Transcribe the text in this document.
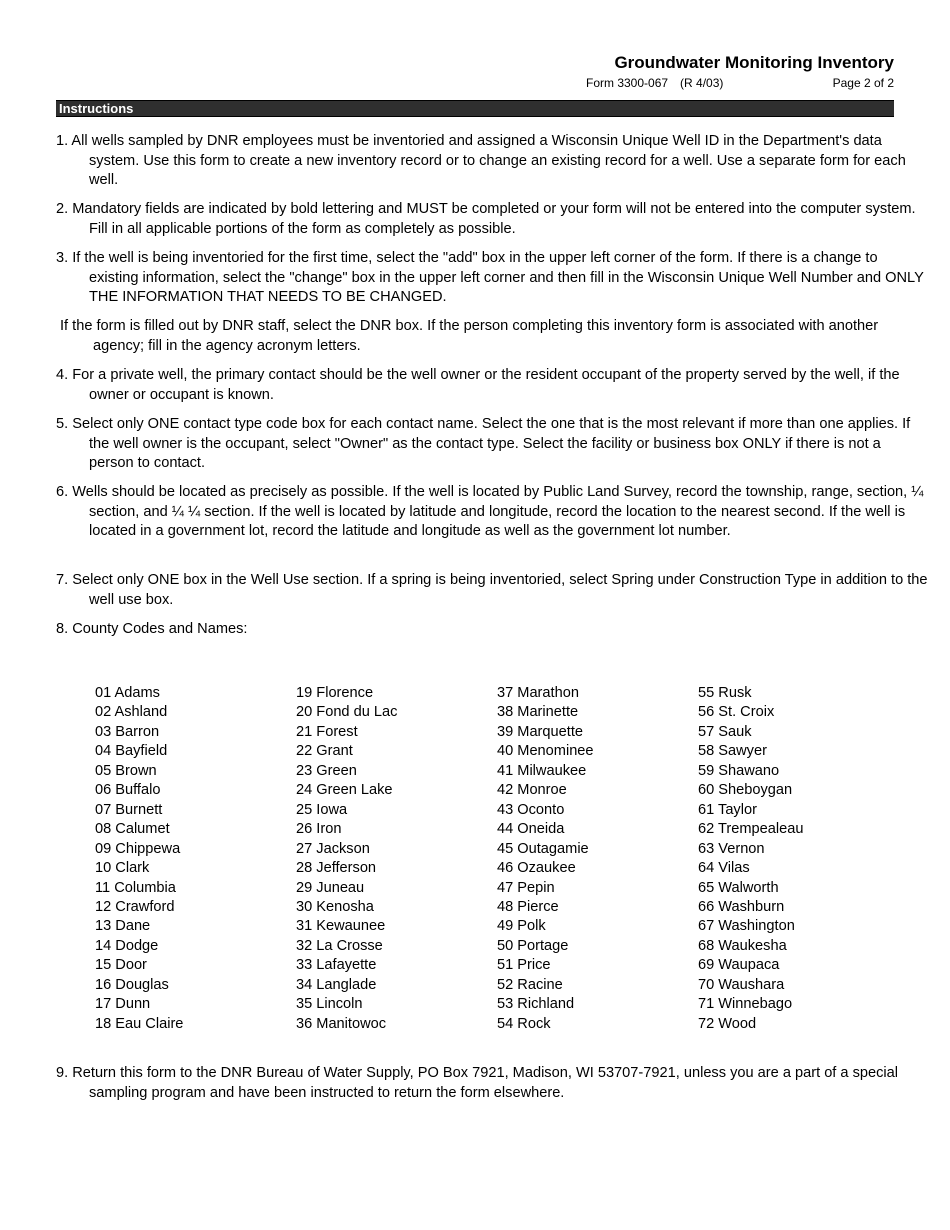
Groundwater Monitoring Inventory
Form 3300-067 (R 4/03)	Page 2 of 2
Instructions
1. All wells sampled by DNR employees must be inventoried and assigned a Wisconsin Unique Well ID in the Department's data system. Use this form to create a new inventory record or to change an existing record for a well. Use a separate form for each well.
2. Mandatory fields are indicated by bold lettering and MUST be completed or your form will not be entered into the computer system. Fill in all applicable portions of the form as completely as possible.
3. If the well is being inventoried for the first time, select the "add" box in the upper left corner of the form. If there is a change to existing information, select the "change" box in the upper left corner and then fill in the Wisconsin Unique Well Number and ONLY THE INFORMATION THAT NEEDS TO BE CHANGED.
If the form is filled out by DNR staff, select the DNR box. If the person completing this inventory form is associated with another agency; fill in the agency acronym letters.
4. For a private well, the primary contact should be the well owner or the resident occupant of the property served by the well, if the owner or occupant is known.
5. Select only ONE contact type code box for each contact name. Select the one that is the most relevant if more than one applies. If the well owner is the occupant, select "Owner" as the contact type. Select the facility or business box ONLY if there is not a person to contact.
6. Wells should be located as precisely as possible. If the well is located by Public Land Survey, record the township, range, section, ¼ section, and ¼ ¼ section. If the well is located by latitude and longitude, record the location to the nearest second. If the well is located in a government lot, record the latitude and longitude as well as the government lot number.
7. Select only ONE box in the Well Use section. If a spring is being inventoried, select Spring under Construction Type in addition to the well use box.
8. County Codes and Names:
01 Adams
02 Ashland
03 Barron
04 Bayfield
05 Brown
06 Buffalo
07 Burnett
08 Calumet
09 Chippewa
10 Clark
11 Columbia
12 Crawford
13 Dane
14 Dodge
15 Door
16 Douglas
17 Dunn
18 Eau Claire
19 Florence
20 Fond du Lac
21 Forest
22 Grant
23 Green
24 Green Lake
25 Iowa
26 Iron
27 Jackson
28 Jefferson
29 Juneau
30 Kenosha
31 Kewaunee
32 La Crosse
33 Lafayette
34 Langlade
35 Lincoln
36 Manitowoc
37 Marathon
38 Marinette
39 Marquette
40 Menominee
41 Milwaukee
42 Monroe
43 Oconto
44 Oneida
45 Outagamie
46 Ozaukee
47 Pepin
48 Pierce
49 Polk
50 Portage
51 Price
52 Racine
53 Richland
54 Rock
55 Rusk
56 St. Croix
57 Sauk
58 Sawyer
59 Shawano
60 Sheboygan
61 Taylor
62 Trempealeau
63 Vernon
64 Vilas
65 Walworth
66 Washburn
67 Washington
68 Waukesha
69 Waupaca
70 Waushara
71 Winnebago
72 Wood
9. Return this form to the DNR Bureau of Water Supply, PO Box 7921, Madison, WI 53707-7921, unless you are a part of a special sampling program and have been instructed to return the form elsewhere.
